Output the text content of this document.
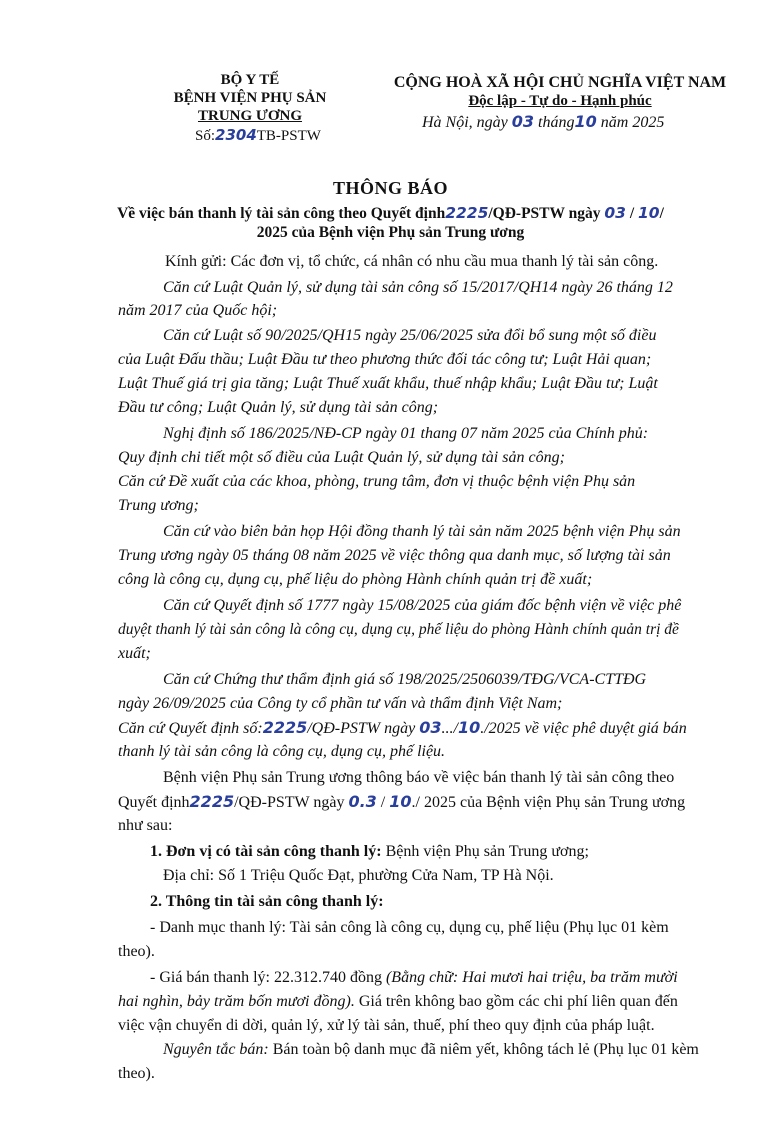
BỘ Y TẾ
BỆNH VIỆN PHỤ SẢN
TRUNG ƯƠNG
Số:2304TB-PSTW
CỘNG HOÀ XÃ HỘI CHỦ NGHĨA VIỆT NAM
Độc lập - Tự do - Hạnh phúc
Hà Nội, ngày 03 tháng10 năm 2025
THÔNG BÁO
Về việc bán thanh lý tài sản công theo Quyết định2225/QĐ-PSTW ngày 03 / 10/
2025 của Bệnh viện Phụ sản Trung ương
Kính gửi: Các đơn vị, tổ chức, cá nhân có nhu cầu mua thanh lý tài sản công.
Căn cứ Luật Quản lý, sử dụng tài sản công số 15/2017/QH14 ngày 26 tháng 12
năm 2017 của Quốc hội;
Căn cứ Luật số 90/2025/QH15 ngày 25/06/2025 sửa đổi bổ sung một số điều
của Luật Đấu thầu; Luật Đầu tư theo phương thức đối tác công tư; Luật Hải quan;
Luật Thuế giá trị gia tăng; Luật Thuế xuất khẩu, thuế nhập khẩu; Luật Đầu tư; Luật
Đầu tư công; Luật Quản lý, sử dụng tài sản công;
Nghị định số 186/2025/NĐ-CP ngày 01 thang 07 năm 2025 của Chính phủ:
Quy định chi tiết một số điều của Luật Quản lý, sử dụng tài sản công;
Căn cứ Đề xuất của các khoa, phòng, trung tâm, đơn vị thuộc bệnh viện Phụ sản
Trung ương;
Căn cứ vào biên bản họp Hội đồng thanh lý tài sản năm 2025 bệnh viện Phụ sản
Trung ương ngày 05 tháng 08 năm 2025 về việc thông qua danh mục, số lượng tài sản
công là công cụ, dụng cụ, phế liệu do phòng Hành chính quản trị đề xuất;
Căn cứ Quyết định số 1777 ngày 15/08/2025 của giám đốc bệnh viện về việc phê
duyệt thanh lý tài sản công là công cụ, dụng cụ, phế liệu do phòng Hành chính quản trị đề
xuất;
Căn cứ Chứng thư thẩm định giá số 198/2025/2506039/TĐG/VCA-CTTĐG
ngày 26/09/2025 của Công ty cổ phần tư vấn và thẩm định Việt Nam;
Căn cứ Quyết định số:2225/QĐ-PSTW ngày 03.../10./2025 về việc phê duyệt giá bán
thanh lý tài sản công là công cụ, dụng cụ, phế liệu.
Bệnh viện Phụ sản Trung ương thông báo về việc bán thanh lý tài sản công theo
Quyết định2225/QĐ-PSTW ngày 0.3 / 10./ 2025 của Bệnh viện Phụ sản Trung ương
như sau:
1. Đơn vị có tài sản công thanh lý: Bệnh viện Phụ sản Trung ương;
Địa chỉ: Số 1 Triệu Quốc Đạt, phường Cửa Nam, TP Hà Nội.
2. Thông tin tài sản công thanh lý:
- Danh mục thanh lý: Tài sản công là công cụ, dụng cụ, phế liệu (Phụ lục 01 kèm
theo).
- Giá bán thanh lý: 22.312.740 đồng (Bằng chữ: Hai mươi hai triệu, ba trăm mười
hai nghìn, bảy trăm bốn mươi đồng). Giá trên không bao gồm các chi phí liên quan đến
việc vận chuyển di dời, quản lý, xử lý tài sản, thuế, phí theo quy định của pháp luật.
Nguyên tắc bán: Bán toàn bộ danh mục đã niêm yết, không tách lẻ (Phụ lục 01 kèm
theo).
